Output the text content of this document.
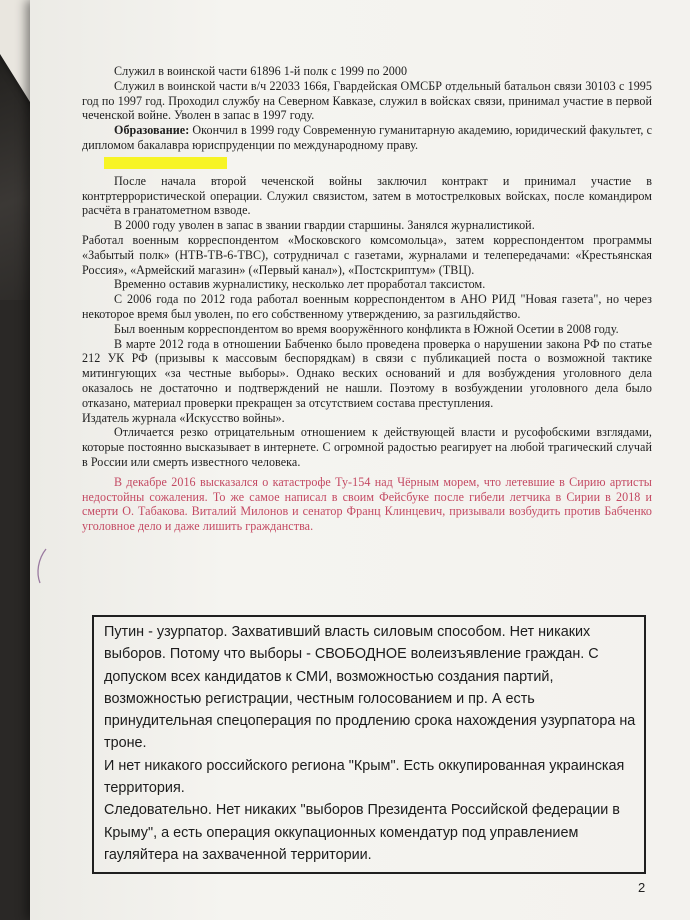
Служил в воинской части 61896 1-й полк с 1999 по 2000

Служил в воинской части в/ч 22033 166я, Гвардейская ОМСБР отдельный батальон связи 30103 с 1995 год по 1997 год. Проходил службу на Северном Кавказе, служил в войсках связи, принимал участие в первой чеченской войне. Уволен в запас в 1997 году.

Образование: Окончил в 1999 году Современную гуманитарную академию, юридический факультет, с дипломом бакалавра юриспруденции по международному праву.

После начала второй чеченской войны заключил контракт и принимал участие в контртеррористической операции. Служил связистом, затем в мотострелковых войсках, после командиром расчёта в гранатометном взводе.

В 2000 году уволен в запас в звании гвардии старшины. Занялся журналистикой.

Работал военным корреспондентом «Московского комсомольца», затем корреспондентом программы «Забытый полк» (НТВ-ТВ-6-ТВС), сотрудничал с газетами, журналами и телепередачами: «Крестьянская Россия», «Армейский магазин» («Первый канал»), «Постскриптум» (ТВЦ).

Временно оставив журналистику, несколько лет проработал таксистом.

С 2006 года по 2012 года работал военным корреспондентом в АНО РИД "Новая газета", но через некоторое время был уволен, по его собственному утверждению, за разгильдяйство.

Был военным корреспондентом во время вооружённого конфликта в Южной Осетии в 2008 году.

В марте 2012 года в отношении Бабченко было проведена проверка о нарушении закона РФ по статье 212 УК РФ (призывы к массовым беспорядкам) в связи с публикацией поста о возможной тактике митингующих «за честные выборы». Однако веских оснований и для возбуждения уголовного дела оказалось не достаточно и подтверждений не нашли. Поэтому в возбуждении уголовного дела было отказано, материал проверки прекращен за отсутствием состава преступления.

Издатель журнала «Искусство войны».

Отличается резко отрицательным отношением к действующей власти и русофобскими взглядами, которые постоянно высказывает в интернете. С огромной радостью реагирует на любой трагический случай в России или смерть известного человека.

В декабре 2016 высказался о катастрофе Ту-154 над Чёрным морем, что летевшие в Сирию артисты недостойны сожаления. То же самое написал в своим Фейсбуке после гибели летчика в Сирии в 2018 и смерти О. Табакова. Виталий Милонов и сенатор Франц Клинцевич, призывали возбудить против Бабченко уголовное дело и даже лишить гражданства.

Путин - узурпатор. Захвативший власть силовым способом. Нет никаких выборов. Потому что выборы - СВОБОДНОЕ волеизъявление граждан. С допуском всех кандидатов к СМИ, возможностью создания партий, возможностью регистрации, честным голосованием и пр. А есть принудительная спецоперация по продлению срока нахождения узурпатора на троне.

И нет никакого российского региона "Крым". Есть оккупированная украинская территория.

Следовательно. Нет никаких "выборов Президента Российской федерации в Крыму", а есть операция оккупационных комендатур под управлением гауляйтера на захваченной территории.

2
